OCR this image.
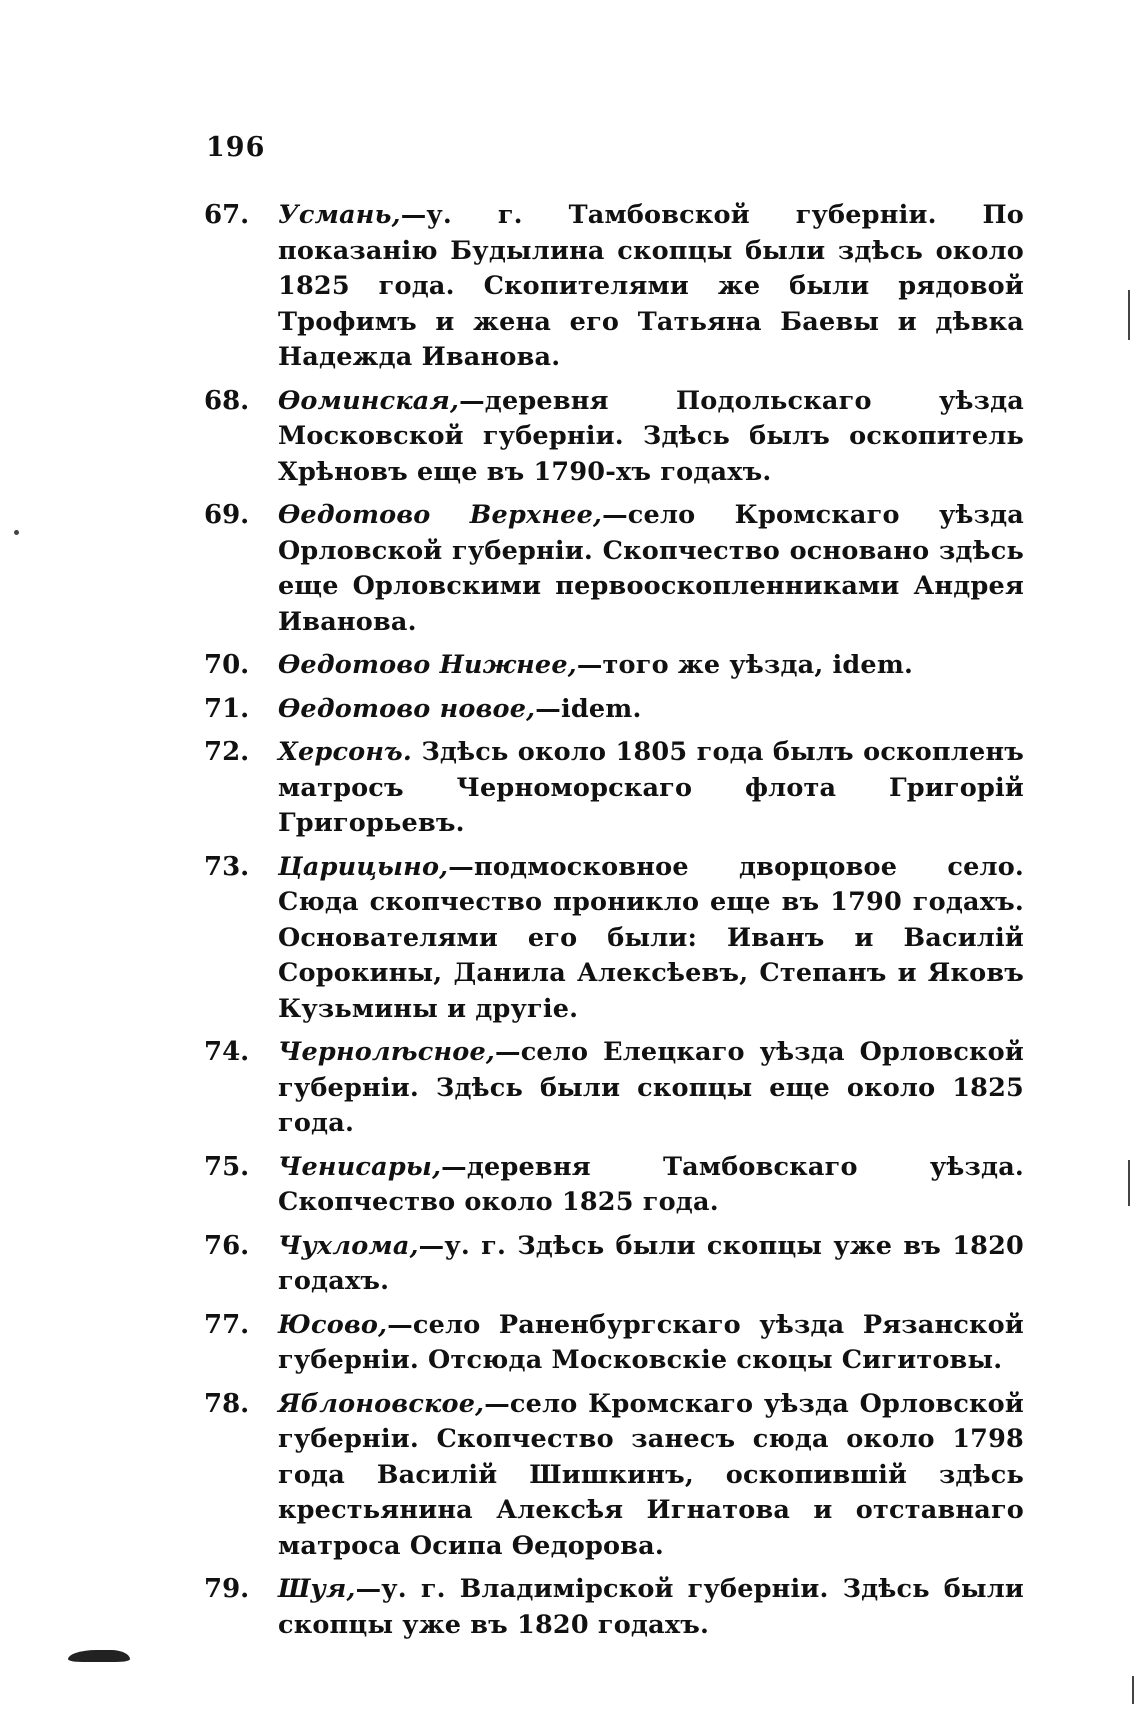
196
67.	Усмань,—у. г. Тамбовской губерніи. По показанію Будылина скопцы были здѣсь около 1825 года. Скопителями же были рядовой Трофимъ и жена его Татьяна Баевы и дѣвка Надежда Иванова.
68.	Ѳоминская,—деревня Подольскаго уѣзда Московской губерніи. Здѣсь былъ оскопитель Хрѣновъ еще въ 1790-хъ годахъ.
69.	Ѳедотово Верхнее,—село Кромскаго уѣзда Орловской губерніи. Скопчество основано здѣсь еще Орловскими первооскопленниками Андрея Иванова.
70.	Ѳедотово Нижнее,—того же уѣзда, idem.
71.	Ѳедотово новое,—idem.
72.	Херсонъ. Здѣсь около 1805 года былъ оскопленъ матросъ Черноморскаго флота Григорій Григорьевъ.
73.	Царицыно,—подмосковное дворцовое село. Сюда скопчество проникло еще въ 1790 годахъ. Основателями его были: Иванъ и Василій Сорокины, Данила Алексѣевъ, Степанъ и Яковъ Кузьмины и другіе.
74.	Чернолѣсное,—село Елецкаго уѣзда Орловской губерніи. Здѣсь были скопцы еще около 1825 года.
75.	Ченисары,—деревня Тамбовскаго уѣзда. Скопчество около 1825 года.
76.	Чухлома,—у. г. Здѣсь были скопцы уже въ 1820 годахъ.
77.	Юсово,—село Раненбургскаго уѣзда Рязанской губерніи. Отсюда Московскіе скоцы Сигитовы.
78.	Яблоновское,—село Кромскаго уѣзда Орловской губерніи. Скопчество занесъ сюда около 1798 года Василій Шишкинъ, оскопившій здѣсь крестьянина Алексѣя Игнатова и отставнаго матроса Осипа Ѳедорова.
79.	Шуя,—у. г. Владимірской губерніи. Здѣсь были скопцы уже въ 1820 годахъ.
